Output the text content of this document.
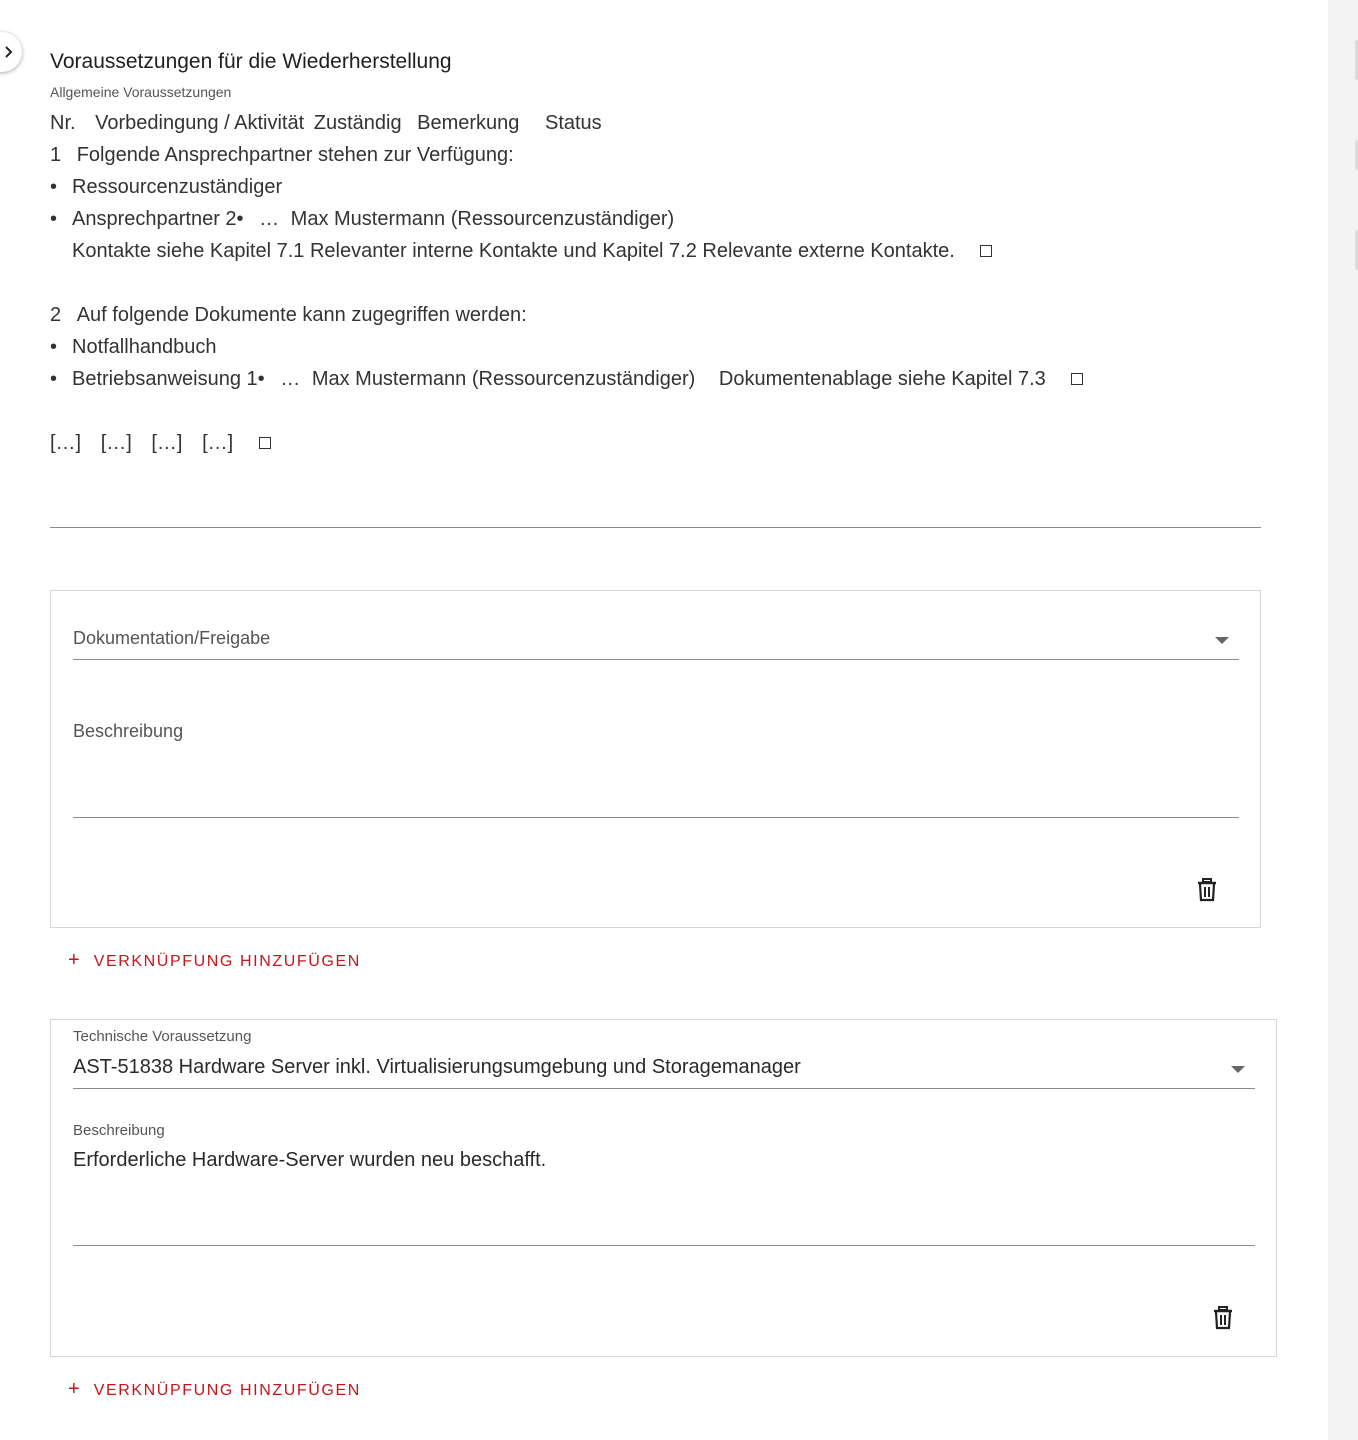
Voraussetzungen für die Wiederherstellung
Allgemeine Voraussetzungen
Nr. Vorbedingung / Aktivität Zuständig Bemerkung Status
1 Folgende Ansprechpartner stehen zur Verfügung:
• Ressourcenzuständiger
• Ansprechpartner 2• … Max Mustermann (Ressourcenzuständiger)
Kontakte siehe Kapitel 7.1 Relevanter interne Kontakte und Kapitel 7.2 Relevante externe Kontakte.
2 Auf folgende Dokumente kann zugegriffen werden:
• Notfallhandbuch
• Betriebsanweisung 1• … Max Mustermann (Ressourcenzuständiger) Dokumentenablage siehe Kapitel 7.3
[…] […] […] […]
Dokumentation/Freigabe
Beschreibung
+ VERKNÜPFUNG HINZUFÜGEN
Technische Voraussetzung
AST-51838 Hardware Server inkl. Virtualisierungsumgebung und Storagemanager
Beschreibung
Erforderliche Hardware-Server wurden neu beschafft.
+ VERKNÜPFUNG HINZUFÜGEN
